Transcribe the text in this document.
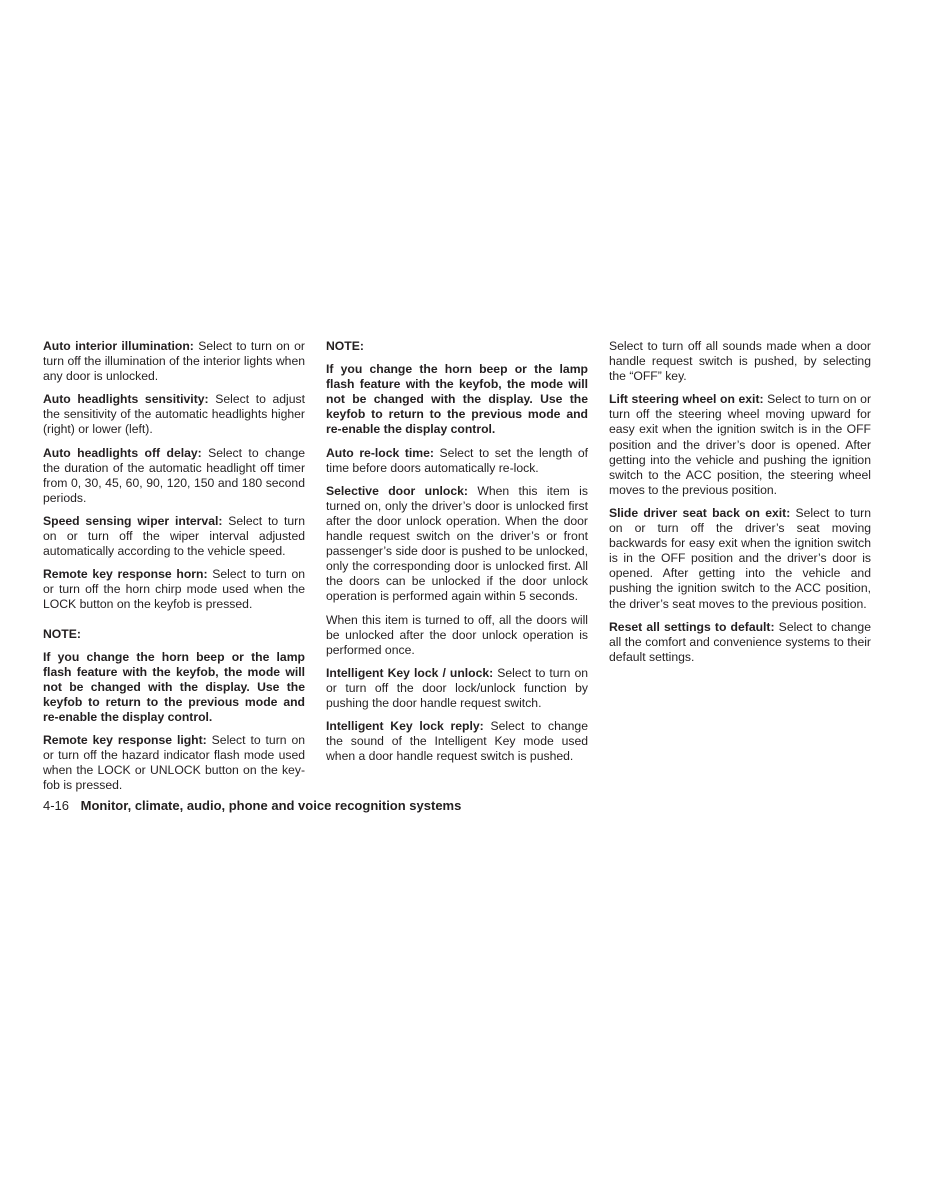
Auto interior illumination: Select to turn on or turn off the illumination of the interior lights when any door is unlocked.

Auto headlights sensitivity: Select to adjust the sensitivity of the automatic headlights higher (right) or lower (left).

Auto headlights off delay: Select to change the duration of the automatic headlight off timer from 0, 30, 45, 60, 90, 120, 150 and 180 second periods.

Speed sensing wiper interval: Select to turn on or turn off the wiper interval adjusted automatically according to the vehicle speed.

Remote key response horn: Select to turn on or turn off the horn chirp mode used when the LOCK button on the keyfob is pressed.

NOTE:

If you change the horn beep or the lamp flash feature with the keyfob, the mode will not be changed with the display. Use the keyfob to return to the previous mode and re-enable the display control.

Remote key response light: Select to turn on or turn off the hazard indicator flash mode used when the LOCK or UNLOCK button on the keyfob is pressed.

NOTE:

If you change the horn beep or the lamp flash feature with the keyfob, the mode will not be changed with the display. Use the keyfob to return to the previous mode and re-enable the display control.

Auto re-lock time: Select to set the length of time before doors automatically re-lock.

Selective door unlock: When this item is turned on, only the driver’s door is unlocked first after the door unlock operation. When the door handle request switch on the driver’s or front passenger’s side door is pushed to be unlocked, only the corresponding door is unlocked first. All the doors can be unlocked if the door unlock operation is performed again within 5 seconds.

When this item is turned to off, all the doors will be unlocked after the door unlock operation is performed once.

Intelligent Key lock / unlock: Select to turn on or turn off the door lock/unlock function by pushing the door handle request switch.

Intelligent Key lock reply: Select to change the sound of the Intelligent Key mode used when a door handle request switch is pushed.

Select to turn off all sounds made when a door handle request switch is pushed, by selecting the “OFF” key.

Lift steering wheel on exit: Select to turn on or turn off the steering wheel moving upward for easy exit when the ignition switch is in the OFF position and the driver’s door is opened. After getting into the vehicle and pushing the ignition switch to the ACC position, the steering wheel moves to the previous position.

Slide driver seat back on exit: Select to turn on or turn off the driver’s seat moving backwards for easy exit when the ignition switch is in the OFF position and the driver’s door is opened. After getting into the vehicle and pushing the ignition switch to the ACC position, the driver’s seat moves to the previous position.

Reset all settings to default: Select to change all the comfort and convenience systems to their default settings.

4-16 Monitor, climate, audio, phone and voice recognition systems
